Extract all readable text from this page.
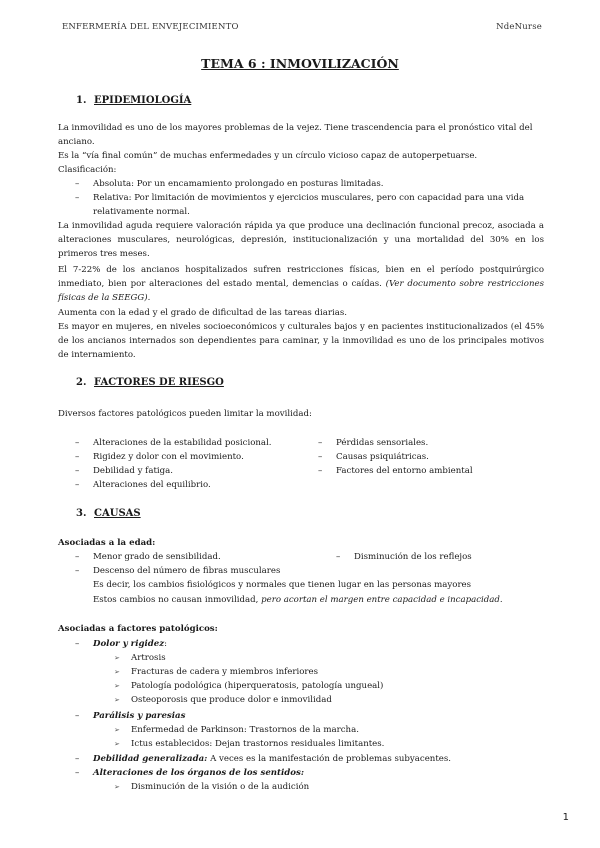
ENFERMERÍA DEL ENVEJECIMIENTO	NdeNurse
TEMA 6 : INMOVILIZACIÓN
1. EPIDEMIOLOGÍA
La inmovilidad es uno de los mayores problemas de la vejez. Tiene trascendencia para el pronóstico vital del anciano.
Es la “vía final común” de muchas enfermedades y un círculo vicioso capaz de autoperpetuarse.
Clasificación:
– Absoluta: Por un encamamiento prolongado en posturas limitadas.
– Relativa: Por limitación de movimientos y ejercicios musculares, pero con capacidad para una vida
relativamente normal.
La inmovilidad aguda requiere valoración rápida ya que produce una declinación funcional precoz, asociada a alteraciones musculares, neurológicas, depresión, institucionalización y una mortalidad del 30% en los primeros tres meses.
El 7-22% de los ancianos hospitalizados sufren restricciones físicas, bien en el período postquirúrgico inmediato, bien por alteraciones del estado mental, demencias o caídas. (Ver documento sobre restricciones físicas de la SEEGG).
Aumenta con la edad y el grado de dificultad de las tareas diarias.
Es mayor en mujeres, en niveles socioeconómicos y culturales bajos y en pacientes institucionalizados (el 45% de los ancianos internados son dependientes para caminar, y la inmovilidad es uno de los principales motivos de internamiento.
2. FACTORES DE RIESGO
Diversos factores patológicos pueden limitar la movilidad:
– Alteraciones de la estabilidad posicional.
– Rigidez y dolor con el movimiento.
– Debilidad y fatiga.
– Alteraciones del equilibrio.
– Pérdidas sensoriales.
– Causas psiquiátricas.
– Factores del entorno ambiental
3. CAUSAS
Asociadas a la edad:
– Menor grado de sensibilidad.	– Disminución de los reflejos
– Descenso del número de fibras musculares
Es decir, los cambios fisiológicos y normales que tienen lugar en las personas mayores
Estos cambios no causan inmovilidad, pero acortan el margen entre capacidad e incapacidad.
Asociadas a factores patológicos:
– Dolor y rigidez:
➢ Artrosis
➢ Fracturas de cadera y miembros inferiores
➢ Patología podológica (hiperqueratosis, patología ungueal)
➢ Osteoporosis que produce dolor e inmovilidad
– Parálisis y paresias
➢ Enfermedad de Parkinson: Trastornos de la marcha.
➢ Ictus establecidos: Dejan trastornos residuales limitantes.
– Debilidad generalizada: A veces es la manifestación de problemas subyacentes.
– Alteraciones de los órganos de los sentidos:
➢ Disminución de la visión o de la audición
1
